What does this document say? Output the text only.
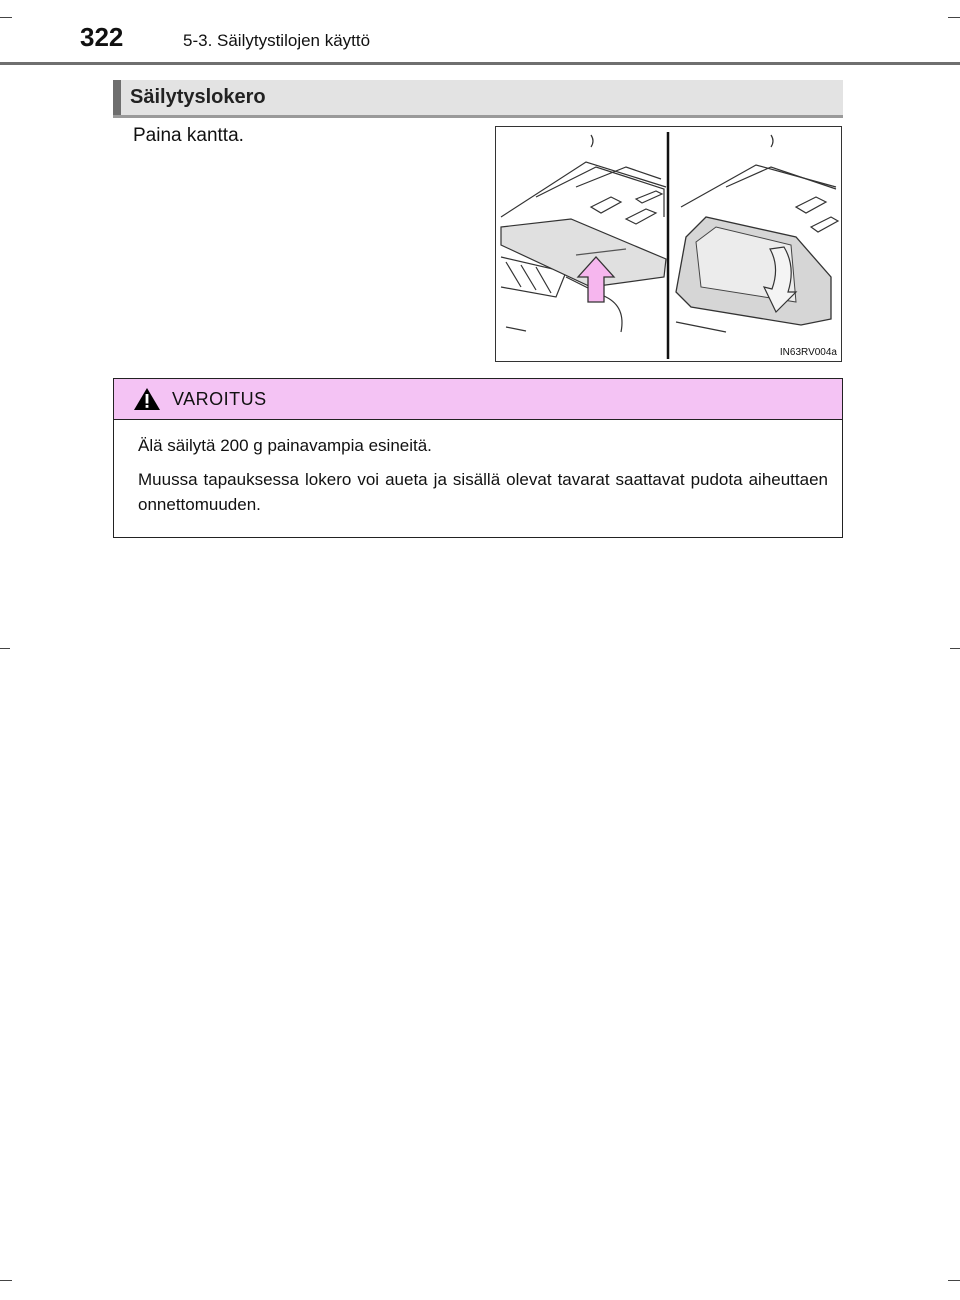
322	5-3. Säilytystilojen käyttö
Säilytyslokero
Paina kantta.
IN63RV004a
VAROITUS

Älä säilytä 200 g painavampia esineitä.

Muussa tapauksessa lokero voi aueta ja sisällä olevat tavarat saattavat pudota aiheuttaen onnettomuuden.
